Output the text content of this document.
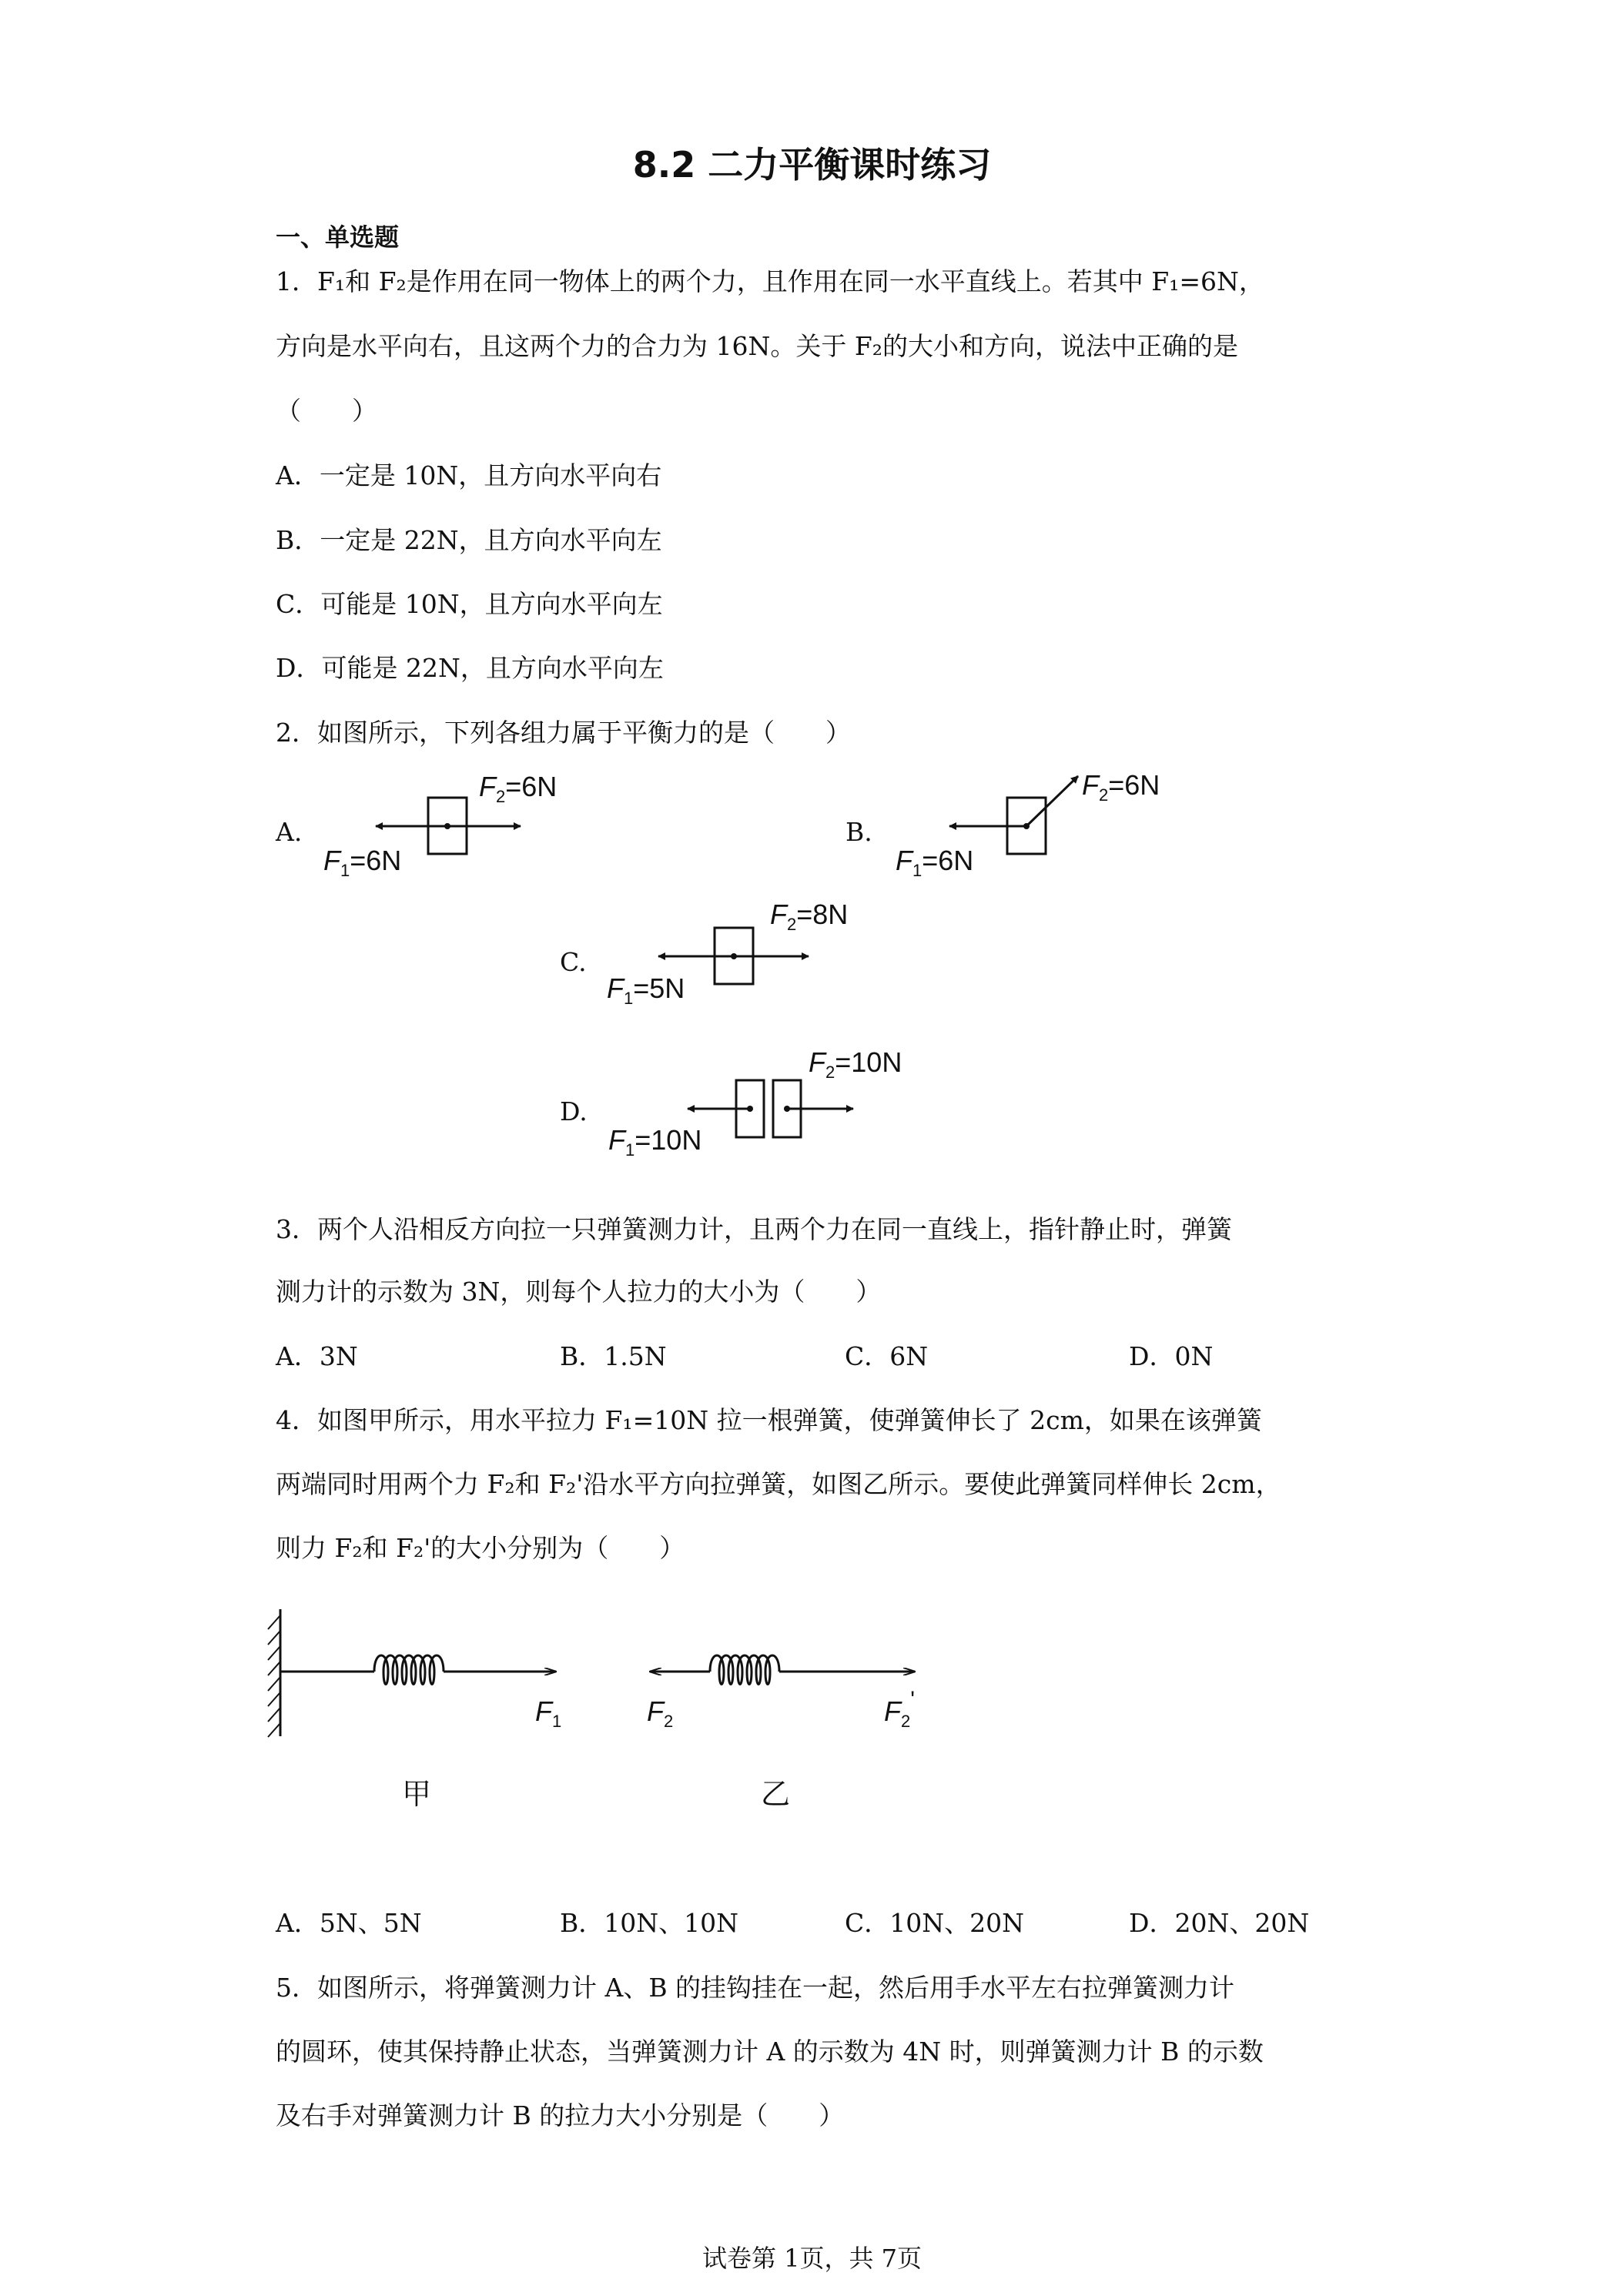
8.2 二力平衡课时练习
一、单选题
1．F₁和 F₂是作用在同一物体上的两个力，且作用在同一水平直线上。若其中 F₁=6N，
方向是水平向右，且这两个力的合力为 16N。关于 F₂的大小和方向，说法中正确的是
（　　）
A．一定是 10N，且方向水平向右
B．一定是 22N，且方向水平向左
C．可能是 10N，且方向水平向左
D．可能是 22N，且方向水平向左
2．如图所示，下列各组力属于平衡力的是（　　）
A.	B.
C.
D.
$F_1=6N$
$F_2=6N$
$F_1=6N$
$F_2=6N$
$F_1=5N$
$F_2=8N$
$F_1=10N$
$F_2=10N$
3．两个人沿相反方向拉一只弹簧测力计，且两个力在同一直线上，指针静止时，弹簧
测力计的示数为 3N，则每个人拉力的大小为（　　）
A．3N	B．1.5N	C．6N	D．0N
4．如图甲所示，用水平拉力 F₁=10N 拉一根弹簧，使弹簧伸长了 2cm，如果在该弹簧
两端同时用两个力 F₂和 F₂'沿水平方向拉弹簧，如图乙所示。要使此弹簧同样伸长 2cm，
则力 F₂和 F₂'的大小分别为（　　）
$F_1$	$F_2$	$F_2'$
甲	乙
A．5N、5N	B．10N、10N	C．10N、20N	D．20N、20N
5．如图所示，将弹簧测力计 A、B 的挂钩挂在一起，然后用手水平左右拉弹簧测力计
的圆环，使其保持静止状态，当弹簧测力计 A 的示数为 4N 时，则弹簧测力计 B 的示数
及右手对弹簧测力计 B 的拉力大小分别是（　　）
试卷第 1页，共 7页
